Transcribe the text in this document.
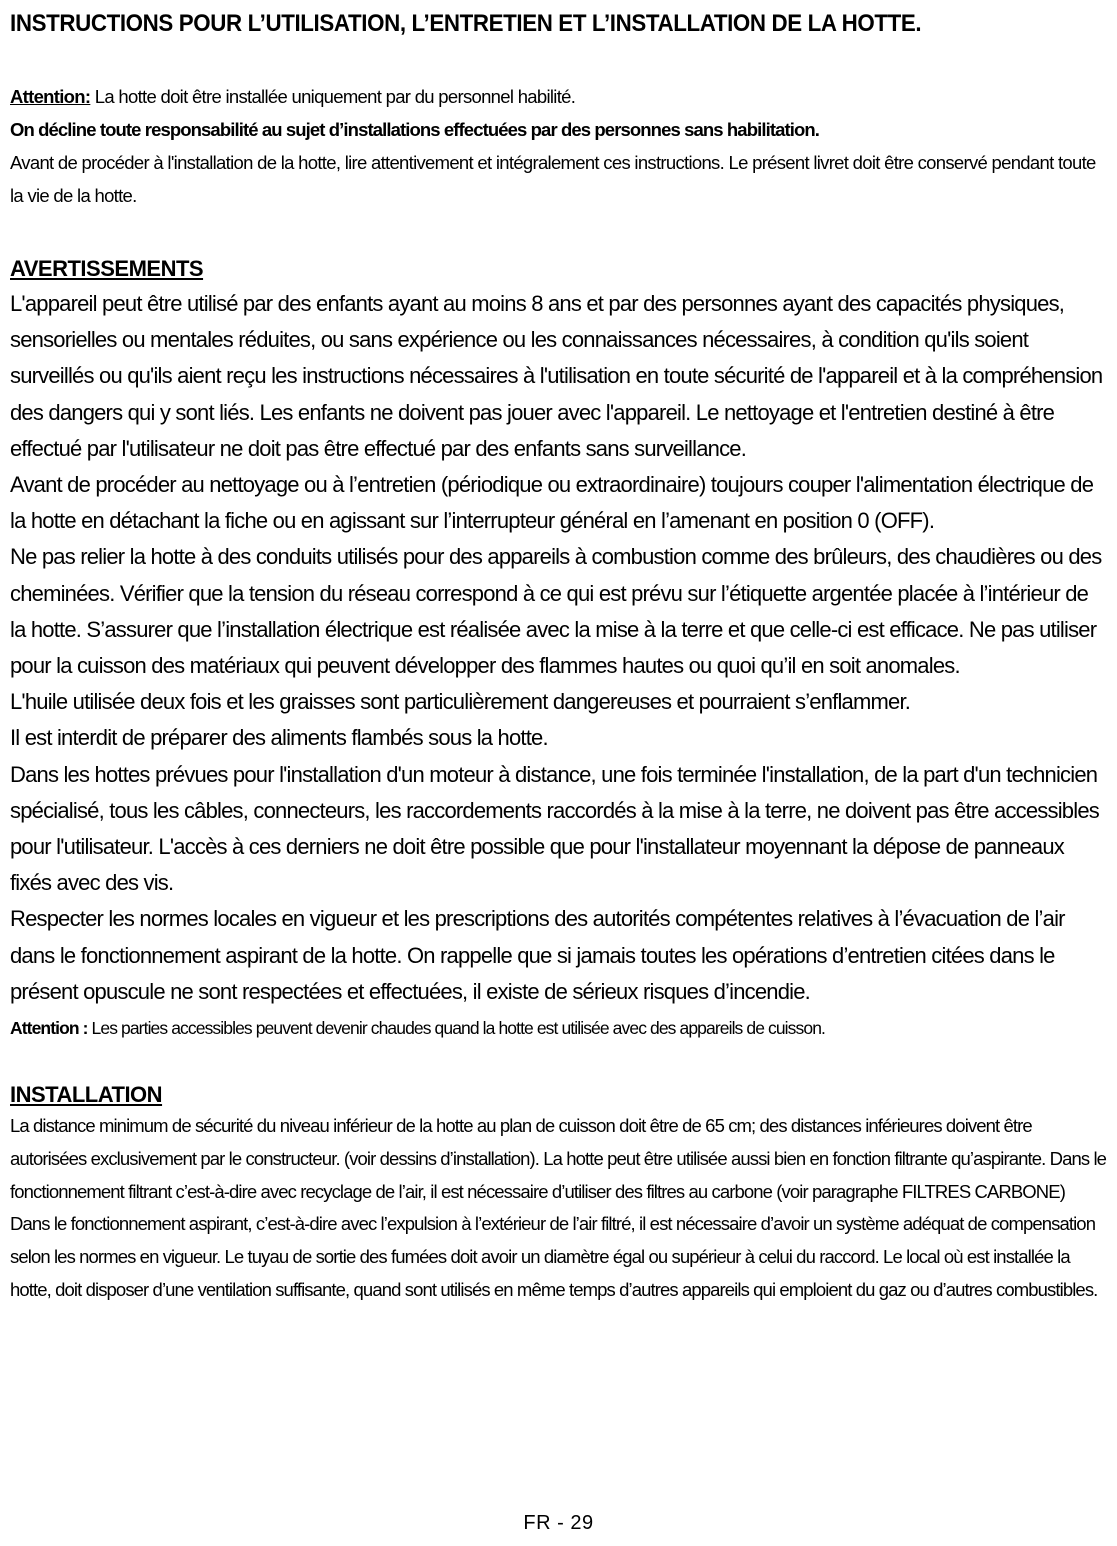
INSTRUCTIONS POUR L’UTILISATION, L’ENTRETIEN ET L’INSTALLATION DE LA HOTTE.

Attention: La hotte doit être installée uniquement par du personnel habilité.

On décline toute responsabilité au sujet d’installations effectuées par des personnes sans habilitation.

Avant de procéder à l'installation de la hotte, lire attentivement et intégralement ces instructions. Le présent livret doit être conservé pendant toute la vie de la hotte.

AVERTISSEMENTS

L'appareil peut être utilisé par des enfants ayant au moins 8 ans et par des personnes ayant des capacités physiques, sensorielles ou mentales réduites, ou sans expérience ou les connaissances nécessaires, à condition qu'ils soient surveillés ou qu'ils aient reçu les instructions nécessaires à l'utilisation en toute sécurité de l'appareil et à la compréhension des dangers qui y sont liés. Les enfants ne doivent pas jouer avec l'appareil. Le nettoyage et l'entretien destiné à être effectué par l'utilisateur ne doit pas être effectué par des enfants sans surveillance.

Avant de procéder au nettoyage ou à l’entretien (périodique ou extraordinaire) toujours couper l'alimentation électrique de la hotte en détachant la fiche ou en agissant sur l’interrupteur général en l’amenant en position 0 (OFF).

Ne pas relier la hotte à des conduits utilisés pour des appareils à combustion comme des brûleurs, des chaudières ou des cheminées. Vérifier que la tension du réseau correspond à ce qui est prévu sur l’étiquette argentée placée à l’intérieur de la hotte. S’assurer que l’installation électrique est réalisée avec la mise à la terre et que celle-ci est efficace. Ne pas utiliser pour la cuisson des matériaux qui peuvent développer des flammes hautes ou quoi qu’il en soit anomales.

L'huile utilisée deux fois et les graisses sont particulièrement dangereuses et pourraient s’enflammer.

Il est interdit de préparer des aliments flambés sous la hotte.

Dans les hottes prévues pour l'installation d'un moteur à distance, une fois terminée l'installation, de la part d'un technicien spécialisé, tous les câbles, connecteurs, les raccordements raccordés à la mise à la terre, ne doivent pas être accessibles pour l'utilisateur. L'accès à ces derniers ne doit être possible que pour l'installateur moyennant la dépose de panneaux fixés avec des vis.

Respecter les normes locales en vigueur et les prescriptions des autorités compétentes relatives à l’évacuation de l’air dans le fonctionnement aspirant de la hotte. On rappelle que si jamais toutes les opérations d’entretien citées dans le présent opuscule ne sont respectées et effectuées, il existe de sérieux risques d’incendie.

Attention : Les parties accessibles peuvent devenir chaudes quand la hotte est utilisée avec des appareils de cuisson.

INSTALLATION

La distance minimum de sécurité du niveau inférieur de la hotte au plan de cuisson doit être de 65 cm; des distances inférieures doivent être autorisées exclusivement par le constructeur. (voir dessins d’installation). La hotte peut être utilisée aussi bien en fonction filtrante qu’aspirante. Dans le fonctionnement filtrant c’est-à-dire avec recyclage de l’air, il est nécessaire d’utiliser des filtres au carbone (voir paragraphe FILTRES CARBONE) Dans le fonctionnement aspirant, c’est-à-dire avec l’expulsion à l’extérieur de l’air filtré, il est nécessaire d’avoir un système adéquat de compensation selon les normes en vigueur. Le tuyau de sortie des fumées doit avoir un diamètre égal ou supérieur à celui du raccord. Le local où est installée la hotte, doit disposer d’une ventilation suffisante, quand sont utilisés en même temps d’autres appareils qui emploient du gaz ou d’autres combustibles.

FR - 29
